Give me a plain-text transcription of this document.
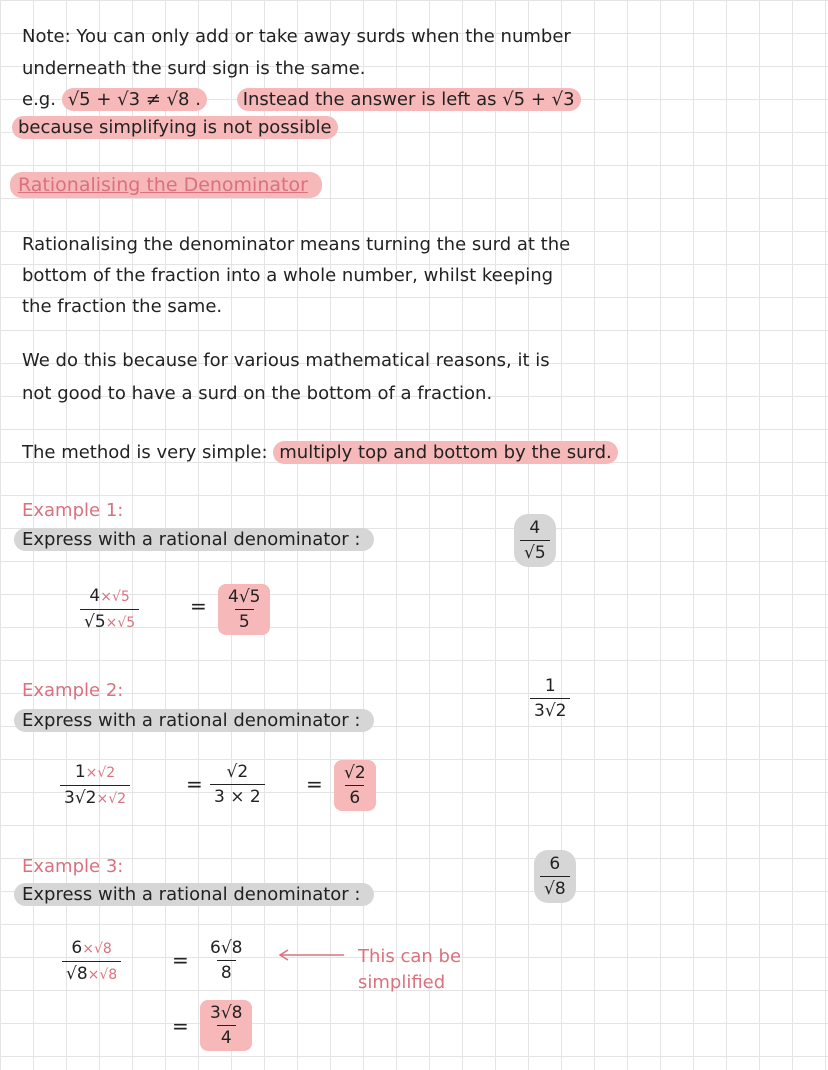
Note: You can only add or take away surds when the number
underneath the surd sign is the same.
e.g. √5 + √3 ≠ √8 . Instead the answer is left as √5 + √3
because simplifying is not possible
Rationalising the Denominator
Rationalising the denominator means turning the surd at the
bottom of the fraction into a whole number, whilst keeping
the fraction the same.
We do this because for various mathematical reasons, it is
not good to have a surd on the bottom of a fraction.
The method is very simple: multiply top and bottom by the surd.
Example 1:
Express with a rational denominator :	$\frac{4}{√5}$
$\frac{4\times√5}{√5\times√5}$	= $\frac{4√5}{5}$
Example 2:
Express with a rational denominator :	$\frac{1}{3√2}$
$\frac{1\times√2}{3√2\times√2}$	= $\frac{√2}{3 \times 2} = \frac{√2}{6}$
Example 3:
Express with a rational denominator :	$\frac{6}{√8}$
$\frac{6\times√8}{√8\times√8}$	= $\frac{6√8}{8}$	This can be simplified
= $\frac{3√8}{4}$
